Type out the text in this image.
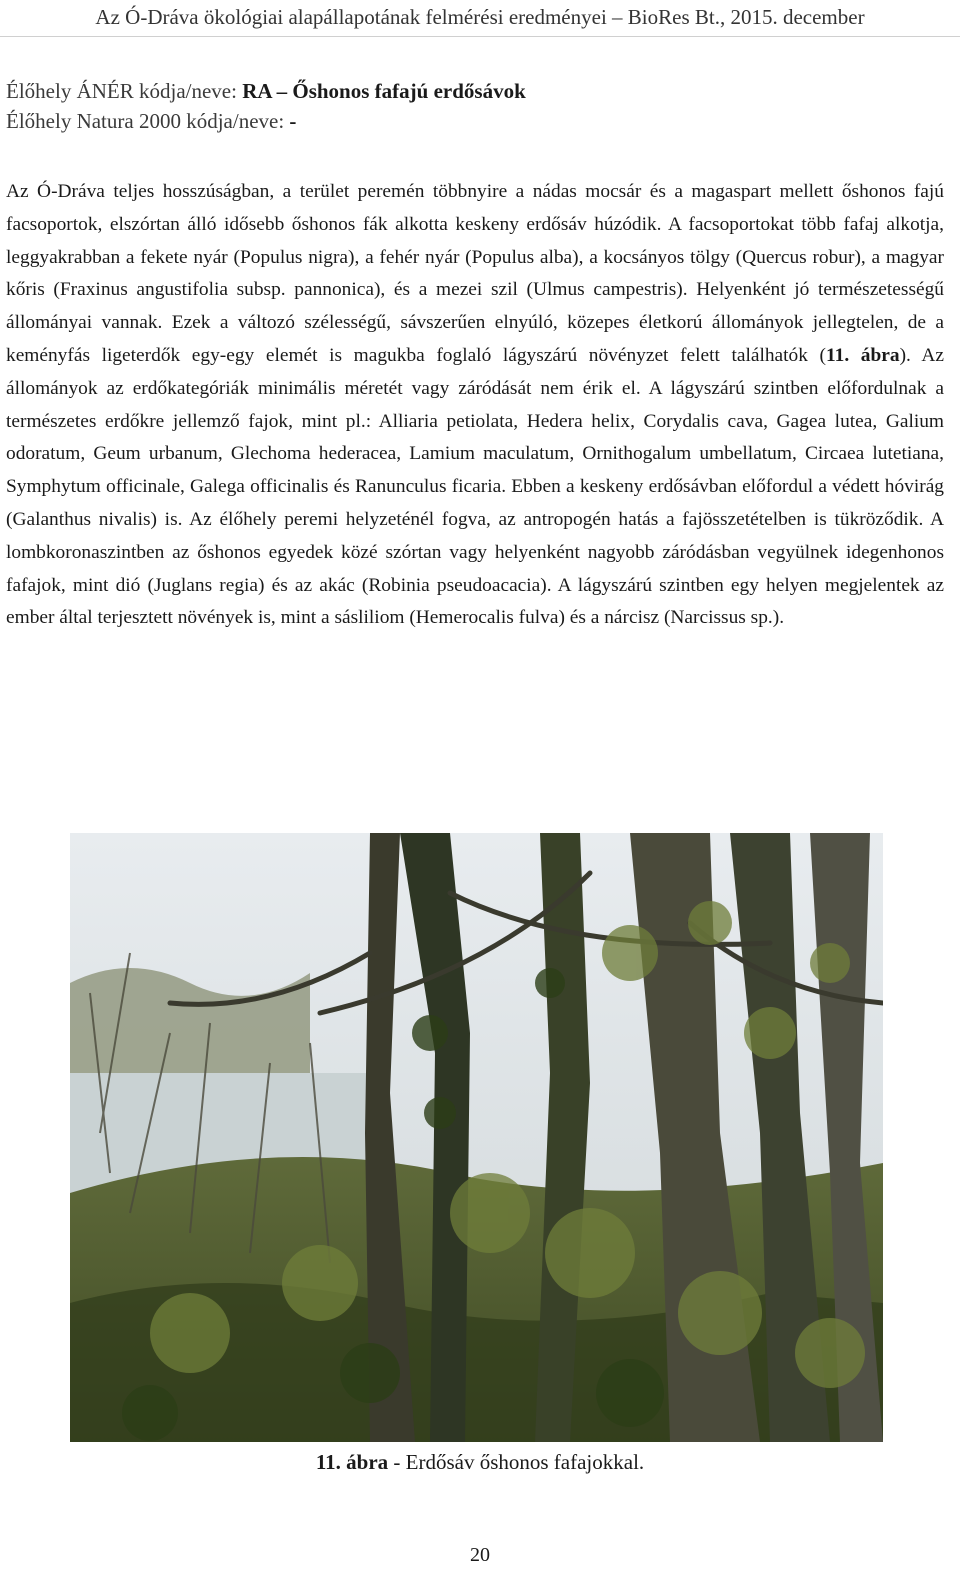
Az Ó-Dráva ökológiai alapállapotának felmérési eredményei – BioRes Bt., 2015. december
Élőhely ÁNÉR kódja/neve: RA – Őshonos fafajú erdősávok
Élőhely Natura 2000 kódja/neve: -
Az Ó-Dráva teljes hosszúságban, a terület peremén többnyire a nádas mocsár és a magaspart mellett őshonos fajú facsoportok, elszórtan álló idősebb őshonos fák alkotta keskeny erdősáv húzódik. A facsoportokat több fafaj alkotja, leggyakrabban a fekete nyár (Populus nigra), a fehér nyár (Populus alba), a kocsányos tölgy (Quercus robur), a magyar kőris (Fraxinus angustifolia subsp. pannonica), és a mezei szil (Ulmus campestris). Helyenként jó természetességű állományai vannak. Ezek a változó szélességű, sávszerűen elnyúló, közepes életkorú állományok jellegtelen, de a keményfás ligeterdők egy-egy elemét is magukba foglaló lágyszárú növényzet felett találhatók (11. ábra). Az állományok az erdőkategóriák minimális méretét vagy záródását nem érik el. A lágyszárú szintben előfordulnak a természetes erdőkre jellemző fajok, mint pl.: Alliaria petiolata, Hedera helix, Corydalis cava, Gagea lutea, Galium odoratum, Geum urbanum, Glechoma hederacea, Lamium maculatum, Ornithogalum umbellatum, Circaea lutetiana, Symphytum officinale, Galega officinalis és Ranunculus ficaria. Ebben a keskeny erdősávban előfordul a védett hóvirág (Galanthus nivalis) is. Az élőhely peremi helyzeténél fogva, az antropogén hatás a fajösszetételben is tükröződik. A lombkoronaszintben az őshonos egyedek közé szórtan vagy helyenként nagyobb záródásban vegyülnek idegenhonos fafajok, mint dió (Juglans regia) és az akác (Robinia pseudoacacia). A lágyszárú szintben egy helyen megjelentek az ember által terjesztett növények is, mint a sásliliom (Hemerocalis fulva) és a nárcisz (Narcissus sp.).
11. ábra - Erdősáv őshonos fafajokkal.
20
